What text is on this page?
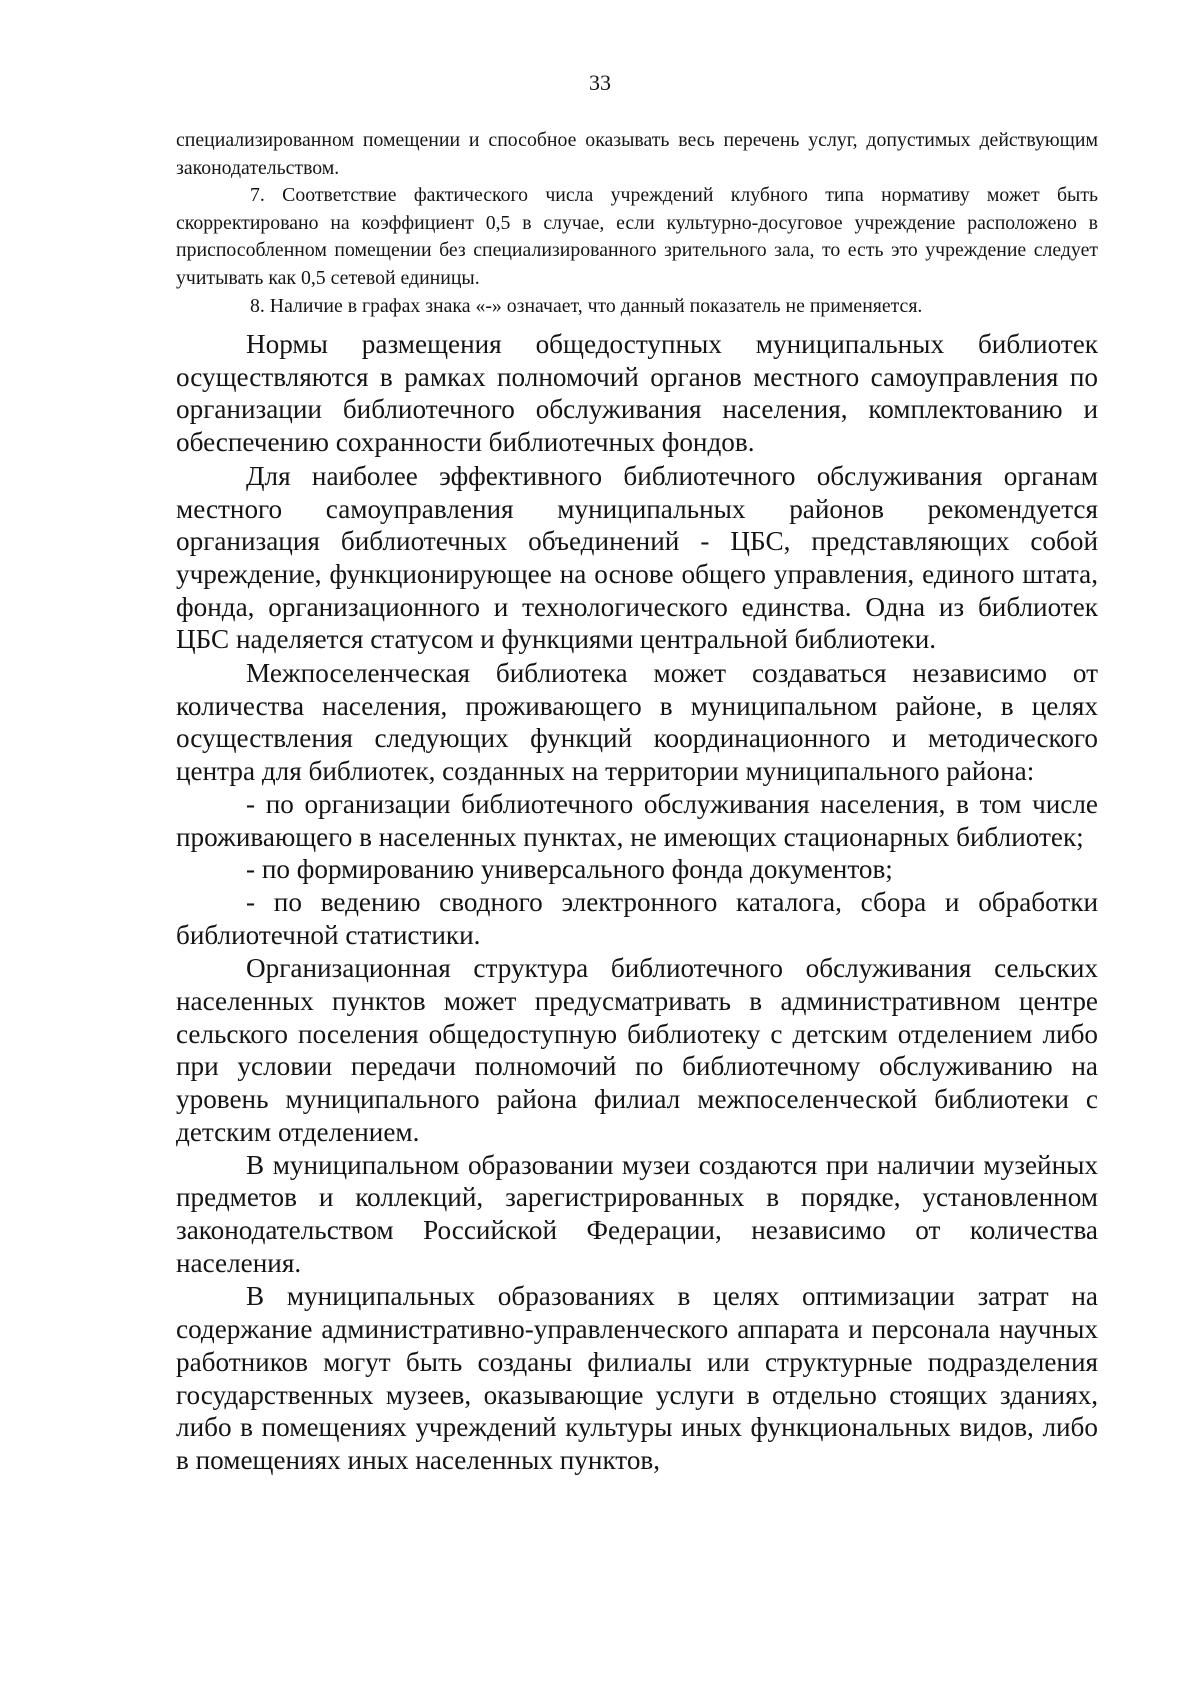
33

специализированном помещении и способное оказывать весь перечень услуг, допустимых действующим законодательством.

7. Соответствие фактического числа учреждений клубного типа нормативу может быть скорректировано на коэффициент 0,5 в случае, если культурно-досуговое учреждение расположено в приспособленном помещении без специализированного зрительного зала, то есть это учреждение следует учитывать как 0,5 сетевой единицы.

8. Наличие в графах знака «-» означает, что данный показатель не применяется.

Нормы размещения общедоступных муниципальных библиотек осуществляются в рамках полномочий органов местного самоуправления по организации библиотечного обслуживания населения, комплектованию и обеспечению сохранности библиотечных фондов.

Для наиболее эффективного библиотечного обслуживания органам местного самоуправления муниципальных районов рекомендуется организация библиотечных объединений - ЦБС, представляющих собой учреждение, функционирующее на основе общего управления, единого штата, фонда, организационного и технологического единства. Одна из библиотек ЦБС наделяется статусом и функциями центральной библиотеки.

Межпоселенческая библиотека может создаваться независимо от количества населения, проживающего в муниципальном районе, в целях осуществления следующих функций координационного и методического центра для библиотек, созданных на территории муниципального района:

- по организации библиотечного обслуживания населения, в том числе проживающего в населенных пунктах, не имеющих стационарных библиотек;

- по формированию универсального фонда документов;

- по ведению сводного электронного каталога, сбора и обработки библиотечной статистики.

Организационная структура библиотечного обслуживания сельских населенных пунктов может предусматривать в административном центре сельского поселения общедоступную библиотеку с детским отделением либо при условии передачи полномочий по библиотечному обслуживанию на уровень муниципального района филиал межпоселенческой библиотеки с детским отделением.

В муниципальном образовании музеи создаются при наличии музейных предметов и коллекций, зарегистрированных в порядке, установленном законодательством Российской Федерации, независимо от количества населения.

В муниципальных образованиях в целях оптимизации затрат на содержание административно-управленческого аппарата и персонала научных работников могут быть созданы филиалы или структурные подразделения государственных музеев, оказывающие услуги в отдельно стоящих зданиях, либо в помещениях учреждений культуры иных функциональных видов, либо в помещениях иных населенных пунктов,
